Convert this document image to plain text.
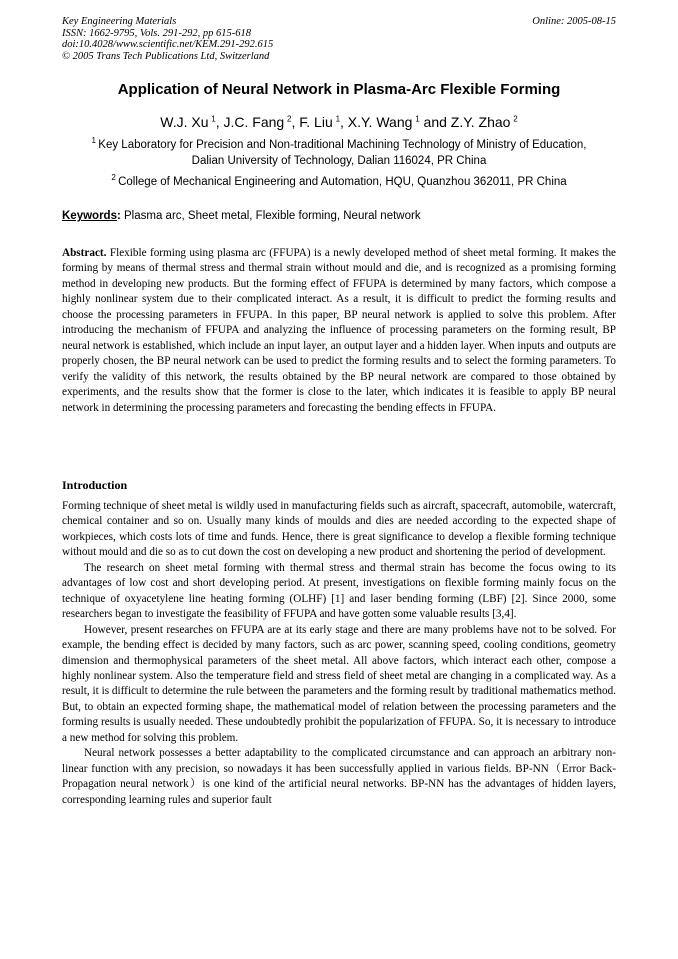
Key Engineering Materials
ISSN: 1662-9795, Vols. 291-292, pp 615-618
doi:10.4028/www.scientific.net/KEM.291-292.615
© 2005 Trans Tech Publications Ltd, Switzerland
Online: 2005-08-15
Application of Neural Network in Plasma-Arc Flexible Forming
W.J. Xu  $^1$, J.C. Fang  $^2$, F. Liu  $^1$, X.Y. Wang  $^1$ and Z.Y. Zhao  $^2$
$^1$  Key Laboratory for Precision and Non-traditional Machining Technology of Ministry of Education,
Dalian University of Technology, Dalian 116024, PR China
$^2$  College of Mechanical Engineering and Automation, HQU, Quanzhou 362011, PR China
Keywords: Plasma arc, Sheet metal, Flexible forming, Neural network
Abstract. Flexible forming using plasma arc (FFUPA) is a newly developed method of sheet metal forming. It makes the forming by means of thermal stress and thermal strain without mould and die, and is recognized as a promising forming method in developing new products. But the forming effect of FFUPA is determined by many factors, which compose a highly nonlinear system due to their complicated interact. As a result, it is difficult to predict the forming results and choose the processing parameters in FFUPA. In this paper, BP neural network is applied to solve this problem. After introducing the mechanism of FFUPA and analyzing the influence of processing parameters on the forming result, BP neural network is established, which include an input layer, an output layer and a hidden layer. When inputs and outputs are properly chosen, the BP neural network can be used to predict the forming results and to select the forming parameters. To verify the validity of this network, the results obtained by the BP neural network are compared to those obtained by experiments, and the results show that the former is close to the later, which indicates it is feasible to apply BP neural network in determining the processing parameters and forecasting the bending effects in FFUPA.
Introduction

Forming technique of sheet metal is wildly used in manufacturing fields such as aircraft, spacecraft, automobile, watercraft, chemical container and so on. Usually many kinds of moulds and dies are needed according to the expected shape of workpieces, which costs lots of time and funds. Hence, there is great significance to develop a flexible forming technique without mould and die so as to cut down the cost on developing a new product and shortening the period of development.

The research on sheet metal forming with thermal stress and thermal strain has become the focus owing to its advantages of low cost and short developing period. At present, investigations on flexible forming mainly focus on the technique of oxyacetylene line heating forming (OLHF) [1] and laser bending forming (LBF) [2]. Since 2000, some researchers began to investigate the feasibility of FFUPA and have gotten some valuable results [3,4].

However, present researches on FFUPA are at its early stage and there are many problems have not to be solved. For example, the bending effect is decided by many factors, such as arc power, scanning speed, cooling conditions, geometry dimension and thermophysical parameters of the sheet metal. All above factors, which interact each other, compose a highly nonlinear system. Also the temperature field and stress field of sheet metal are changing in a complicated way. As a result, it is difficult to determine the rule between the parameters and the forming result by traditional mathematics method. But, to obtain an expected forming shape, the mathematical model of relation between the processing parameters and the forming results is usually needed. These undoubtedly prohibit the popularization of FFUPA. So, it is necessary to introduce a new method for solving this problem.

Neural network possesses a better adaptability to the complicated circumstance and can approach an arbitrary non-linear function with any precision, so nowadays it has been successfully applied in various fields. BP-NN（Error Back-Propagation neural network）is one kind of the artificial neural networks. BP-NN has the advantages of hidden layers, corresponding learning rules and superior fault
